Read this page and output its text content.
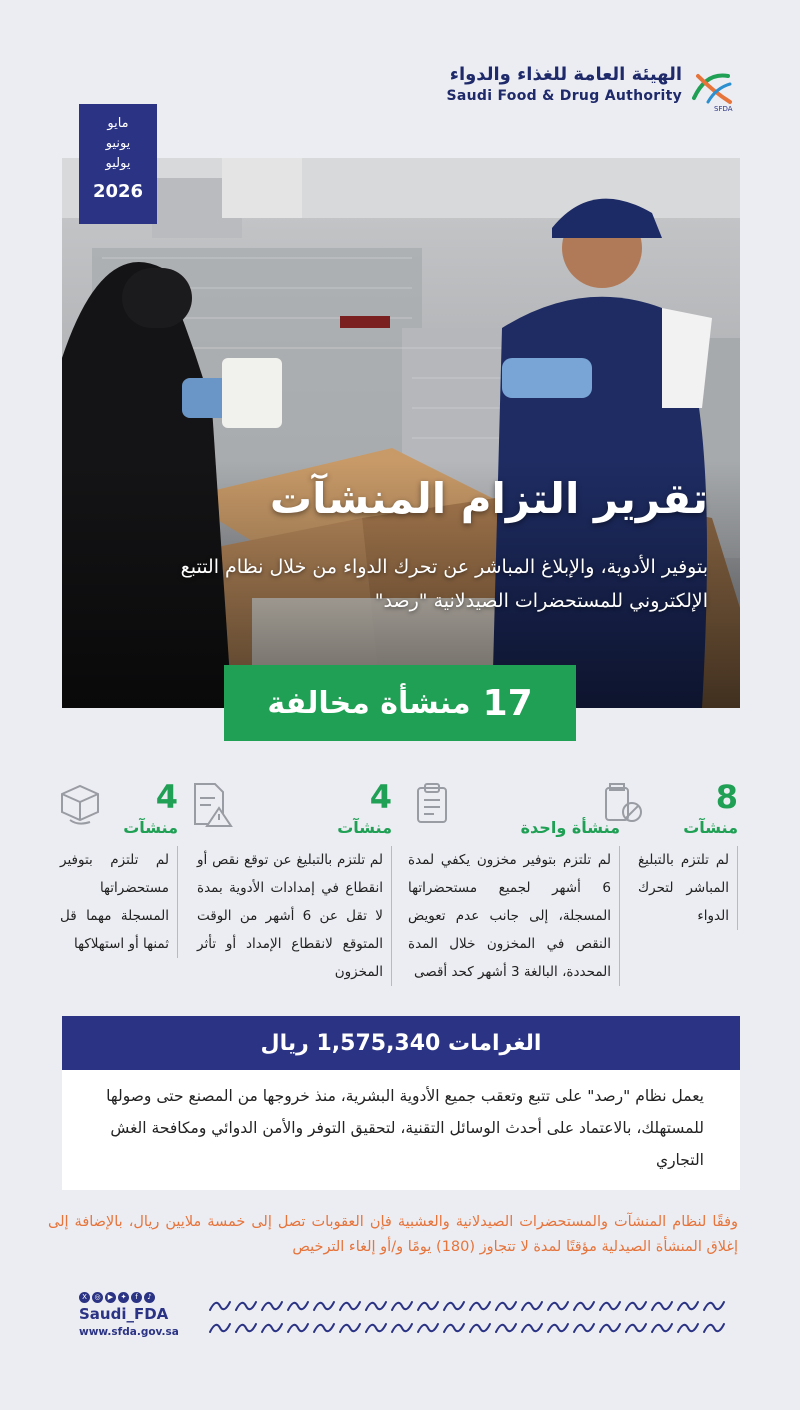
الهيئة العامة للغذاء والدواء
Saudi Food & Drug Authority
SFDA
مايو
يونيو
يوليو
2026
تقرير التزام المنشآت
بتوفير الأدوية، والإبلاغ المباشر عن تحرك الدواء من خلال نظام التتبع الإلكتروني للمستحضرات الصيدلانية "رصد"
17
منشأة مخالفة
8
منشآت
لم تلتزم بالتبليغ المباشر لتحرك الدواء
منشأة واحدة
لم تلتزم بتوفير مخزون يكفي لمدة 6 أشهر لجميع مستحضراتها المسجلة، إلى جانب عدم تعويض النقص في المخزون خلال المدة المحددة، البالغة 3 أشهر كحد أقصى
4
منشآت
لم تلتزم بالتبليغ عن توقع نقص أو انقطاع في إمدادات الأدوية بمدة لا تقل عن 6 أشهر من الوقت المتوقع لانقطاع الإمداد أو تأثر المخزون
4
منشآت
لم تلتزم بتوفير مستحضراتها المسجلة مهما قل ثمنها أو استهلاكها
الغرامات 1,575,340 ريال
يعمل نظام "رصد" على تتبع وتعقب جميع الأدوية البشرية، منذ خروجها من المصنع حتى وصولها للمستهلك، بالاعتماد على أحدث الوسائل التقنية، لتحقيق التوفر والأمن الدوائي ومكافحة الغش التجاري
وفقًا لنظام المنشآت والمستحضرات الصيدلانية والعشبية فإن العقوبات تصل إلى خمسة ملايين ريال، بالإضافة إلى إغلاق المنشأة الصيدلية مؤقتًا لمدة لا تتجاوز (180) يومًا و/أو إلغاء الترخيص
X	◎	▶	✦	f	♪
Saudi_FDA
www.sfda.gov.sa
